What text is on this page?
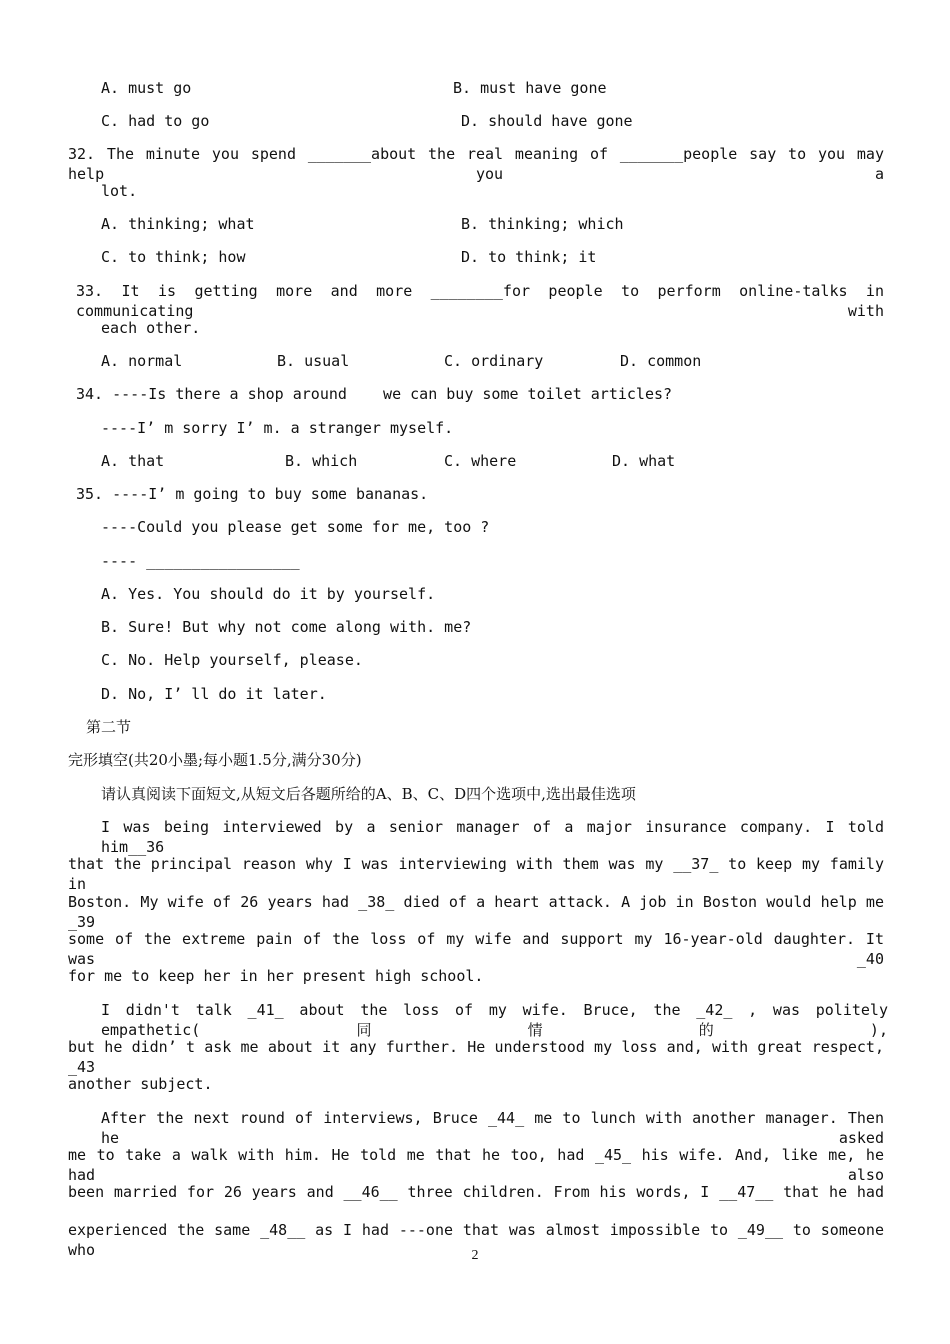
A. must go	B. must have gone
C. had to go	D. should have gone
32. The minute you spend _______about the real meaning of _______people say to you may help you a
lot.
A. thinking; what	B. thinking; which
C. to think; how	D. to think; it
33. It is getting more and more ________for people to perform online-talks in communicating with
each other.
A. normal	B. usual	C. ordinary	D. common
34. ----Is there a shop around    we can buy some toilet articles?
----I’ m sorry I’ m. a stranger myself.
A. that	B. which	C. where	D. what
35. ----I’ m going to buy some bananas.
----Could you please get some for me, too ?
---- _________________
A. Yes. You should do it by yourself.
B. Sure! But why not come along with. me?
C. No. Help yourself, please.
D. No, I’ ll do it later.
第二节
完形填空(共20小墨;每小题1.5分,满分30分)
请认真阅读下面短文,从短文后各题所给的A、B、C、D四个选项中,选出最佳选项
I was being interviewed by a senior manager of a major insurance company. I told him__36
that the principal reason why I was interviewing with them was my __37_ to keep my family in
Boston. My wife of 26 years had _38_ died of a heart attack. A job in Boston would help me _39
some of the extreme pain of the loss of my wife and support my 16-year-old daughter. It was _40
for me to keep her in her present high school.
I didn't talk _41_ about the loss of my wife. Bruce, the _42_ , was politely empathetic(同情的),
but he didn’ t ask me about it any further. He understood my loss and, with great respect, _43
another subject.
After the next round of interviews, Bruce _44_ me to lunch with another manager. Then he asked
me to take a walk with him. He told me that he too, had _45_ his wife. And, like me, he had also
been married for 26 years and __46__ three children. From his words, I __47__ that he had
experienced the same _48__ as I had ---one that was almost impossible to _49__ to someone who	2
